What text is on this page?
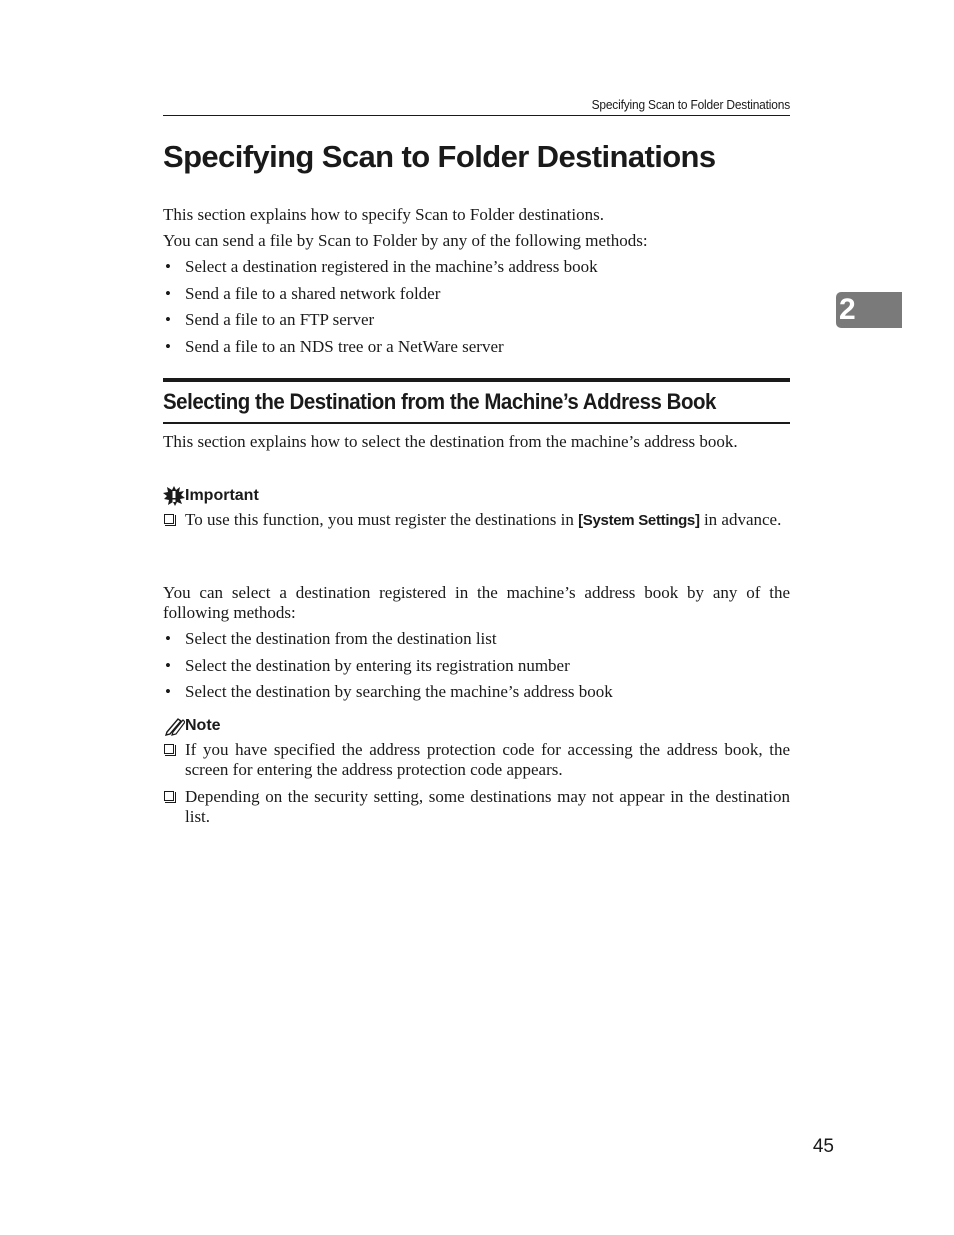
Specifying Scan to Folder Destinations
Specifying Scan to Folder Destinations

This section explains how to specify Scan to Folder destinations.

You can send a file by Scan to Folder by any of the following methods:

• Select a destination registered in the machine’s address book
• Send a file to a shared network folder
• Send a file to an FTP server
• Send a file to an NDS tree or a NetWare server
Selecting the Destination from the Machine’s Address Book

This section explains how to select the destination from the machine’s address book.

Important
To use this function, you must register the destinations in [System Settings] in advance.

You can select a destination registered in the machine’s address book by any of the following methods:

• Select the destination from the destination list
• Select the destination by entering its registration number
• Select the destination by searching the machine’s address book
Note
If you have specified the address protection code for accessing the address book, the screen for entering the address protection code appears.
Depending on the security setting, some destinations may not appear in the destination list.
2
45
